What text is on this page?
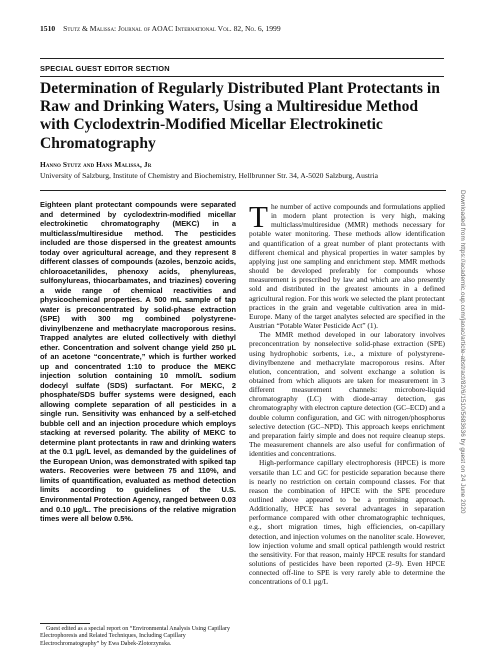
1510 Stutz & Malissa: Journal of AOAC International Vol. 82, No. 6, 1999
SPECIAL GUEST EDITOR SECTION
Determination of Regularly Distributed Plant Protectants in Raw and Drinking Waters, Using a Multiresidue Method with Cyclodextrin-Modified Micellar Electrokinetic Chromatography
Hanno Stutz and Hans Malissa, Jr
University of Salzburg, Institute of Chemistry and Biochemistry, Hellbrunner Str. 34, A-5020 Salzburg, Austria

Eighteen plant protectant compounds were separated and determined by cyclodextrin-modified micellar electrokinetic chromatography (MEKC) in a multiclass/multiresidue method. The pesticides included are those dispersed in the greatest amounts today over agricultural acreage, and they represent 8 different classes of compounds (azoles, benzoic acids, chloroacetanilides, phenoxy acids, phenylureas, sulfonylureas, thiocarbamates, and triazines) covering a wide range of chemical reactivities and physicochemical properties. A 500 mL sample of tap water is preconcentrated by solid-phase extraction (SPE) with 300 mg combined polystyrene-divinylbenzene and methacrylate macroporous resins. Trapped analytes are eluted collectively with diethyl ether. Concentration and solvent change yield 250 µL of an acetone “concentrate,” which is further worked up and concentrated 1:10 to produce the MEKC injection solution containing 10 mmol/L sodium dodecyl sulfate (SDS) surfactant. For MEKC, 2 phosphate/SDS buffer systems were designed, each allowing complete separation of all pesticides in a single run. Sensitivity was enhanced by a self-etched bubble cell and an injection procedure which employs stacking at reversed polarity. The ability of MEKC to determine plant protectants in raw and drinking waters at the 0.1 µg/L level, as demanded by the guidelines of the European Union, was demonstrated with spiked tap waters. Recoveries were between 75 and 110%, and limits of quantification, evaluated as method detection limits according to guidelines of the U.S. Environmental Protection Agency, ranged between 0.03 and 0.10 µg/L. The precisions of the relative migration times were all below 0.5%.

The number of active compounds and formulations applied in modern plant protection is very high, making multiclass/multiresidue (MMR) methods necessary for potable water monitoring. These methods allow identification and quantification of a great number of plant protectants with different chemical and physical properties in water samples by applying just one sampling and enrichment step. MMR methods should be developed preferably for compounds whose measurement is prescribed by law and which are also presently sold and distributed in the greatest amounts in a defined agricultural region. For this work we selected the plant protectant practices in the grain and vegetable cultivation area in mid-Europe. Many of the target analytes selected are specified in the Austrian “Potable Water Pesticide Act” (1).

The MMR method developed in our laboratory involves preconcentration by nonselective solid-phase extraction (SPE) using hydrophobic sorbents, i.e., a mixture of polystyrene-divinylbenzene and methacrylate macroporous resins. After elution, concentration, and solvent exchange a solution is obtained from which aliquots are taken for measurement in 3 different measurement channels: microbore-liquid chromatography (LC) with diode-array detection, gas chromatography with electron capture detection (GC–ECD) and a double column configuration, and GC with nitrogen/phosphorus selective detection (GC–NPD). This approach keeps enrichment and preparation fairly simple and does not require cleanup steps. The measurement channels are also useful for confirmation of identities and concentrations.

High-performance capillary electrophoresis (HPCE) is more versatile than LC and GC for pesticide separation because there is nearly no restriction on certain compound classes. For that reason the combination of HPCE with the SPE procedure outlined above appeared to be a promising approach. Additionally, HPCE has several advantages in separation performance compared with other chromatographic techniques, e.g., short migration times, high efficiencies, on-capillary detection, and injection volumes on the nanoliter scale. However, low injection volume and small optical pathlength would restrict the sensitivity. For that reason, mainly HPCE results for standard solutions of pesticides have been reported (2–9). Even HPCE connected off-line to SPE is very rarely able to determine the concentrations of 0.1 µg/L

Guest edited as a special report on “Environmental Analysis Using Capillary Electrophoresis and Related Techniques, Including Capillary Electrochromatography” by Ewa Dabek-Zlotorzynska.

Downloaded from https://academic.oup.com/jaoac/article-abstract/82/6/1510/5683636 by guest on 24 June 2020
